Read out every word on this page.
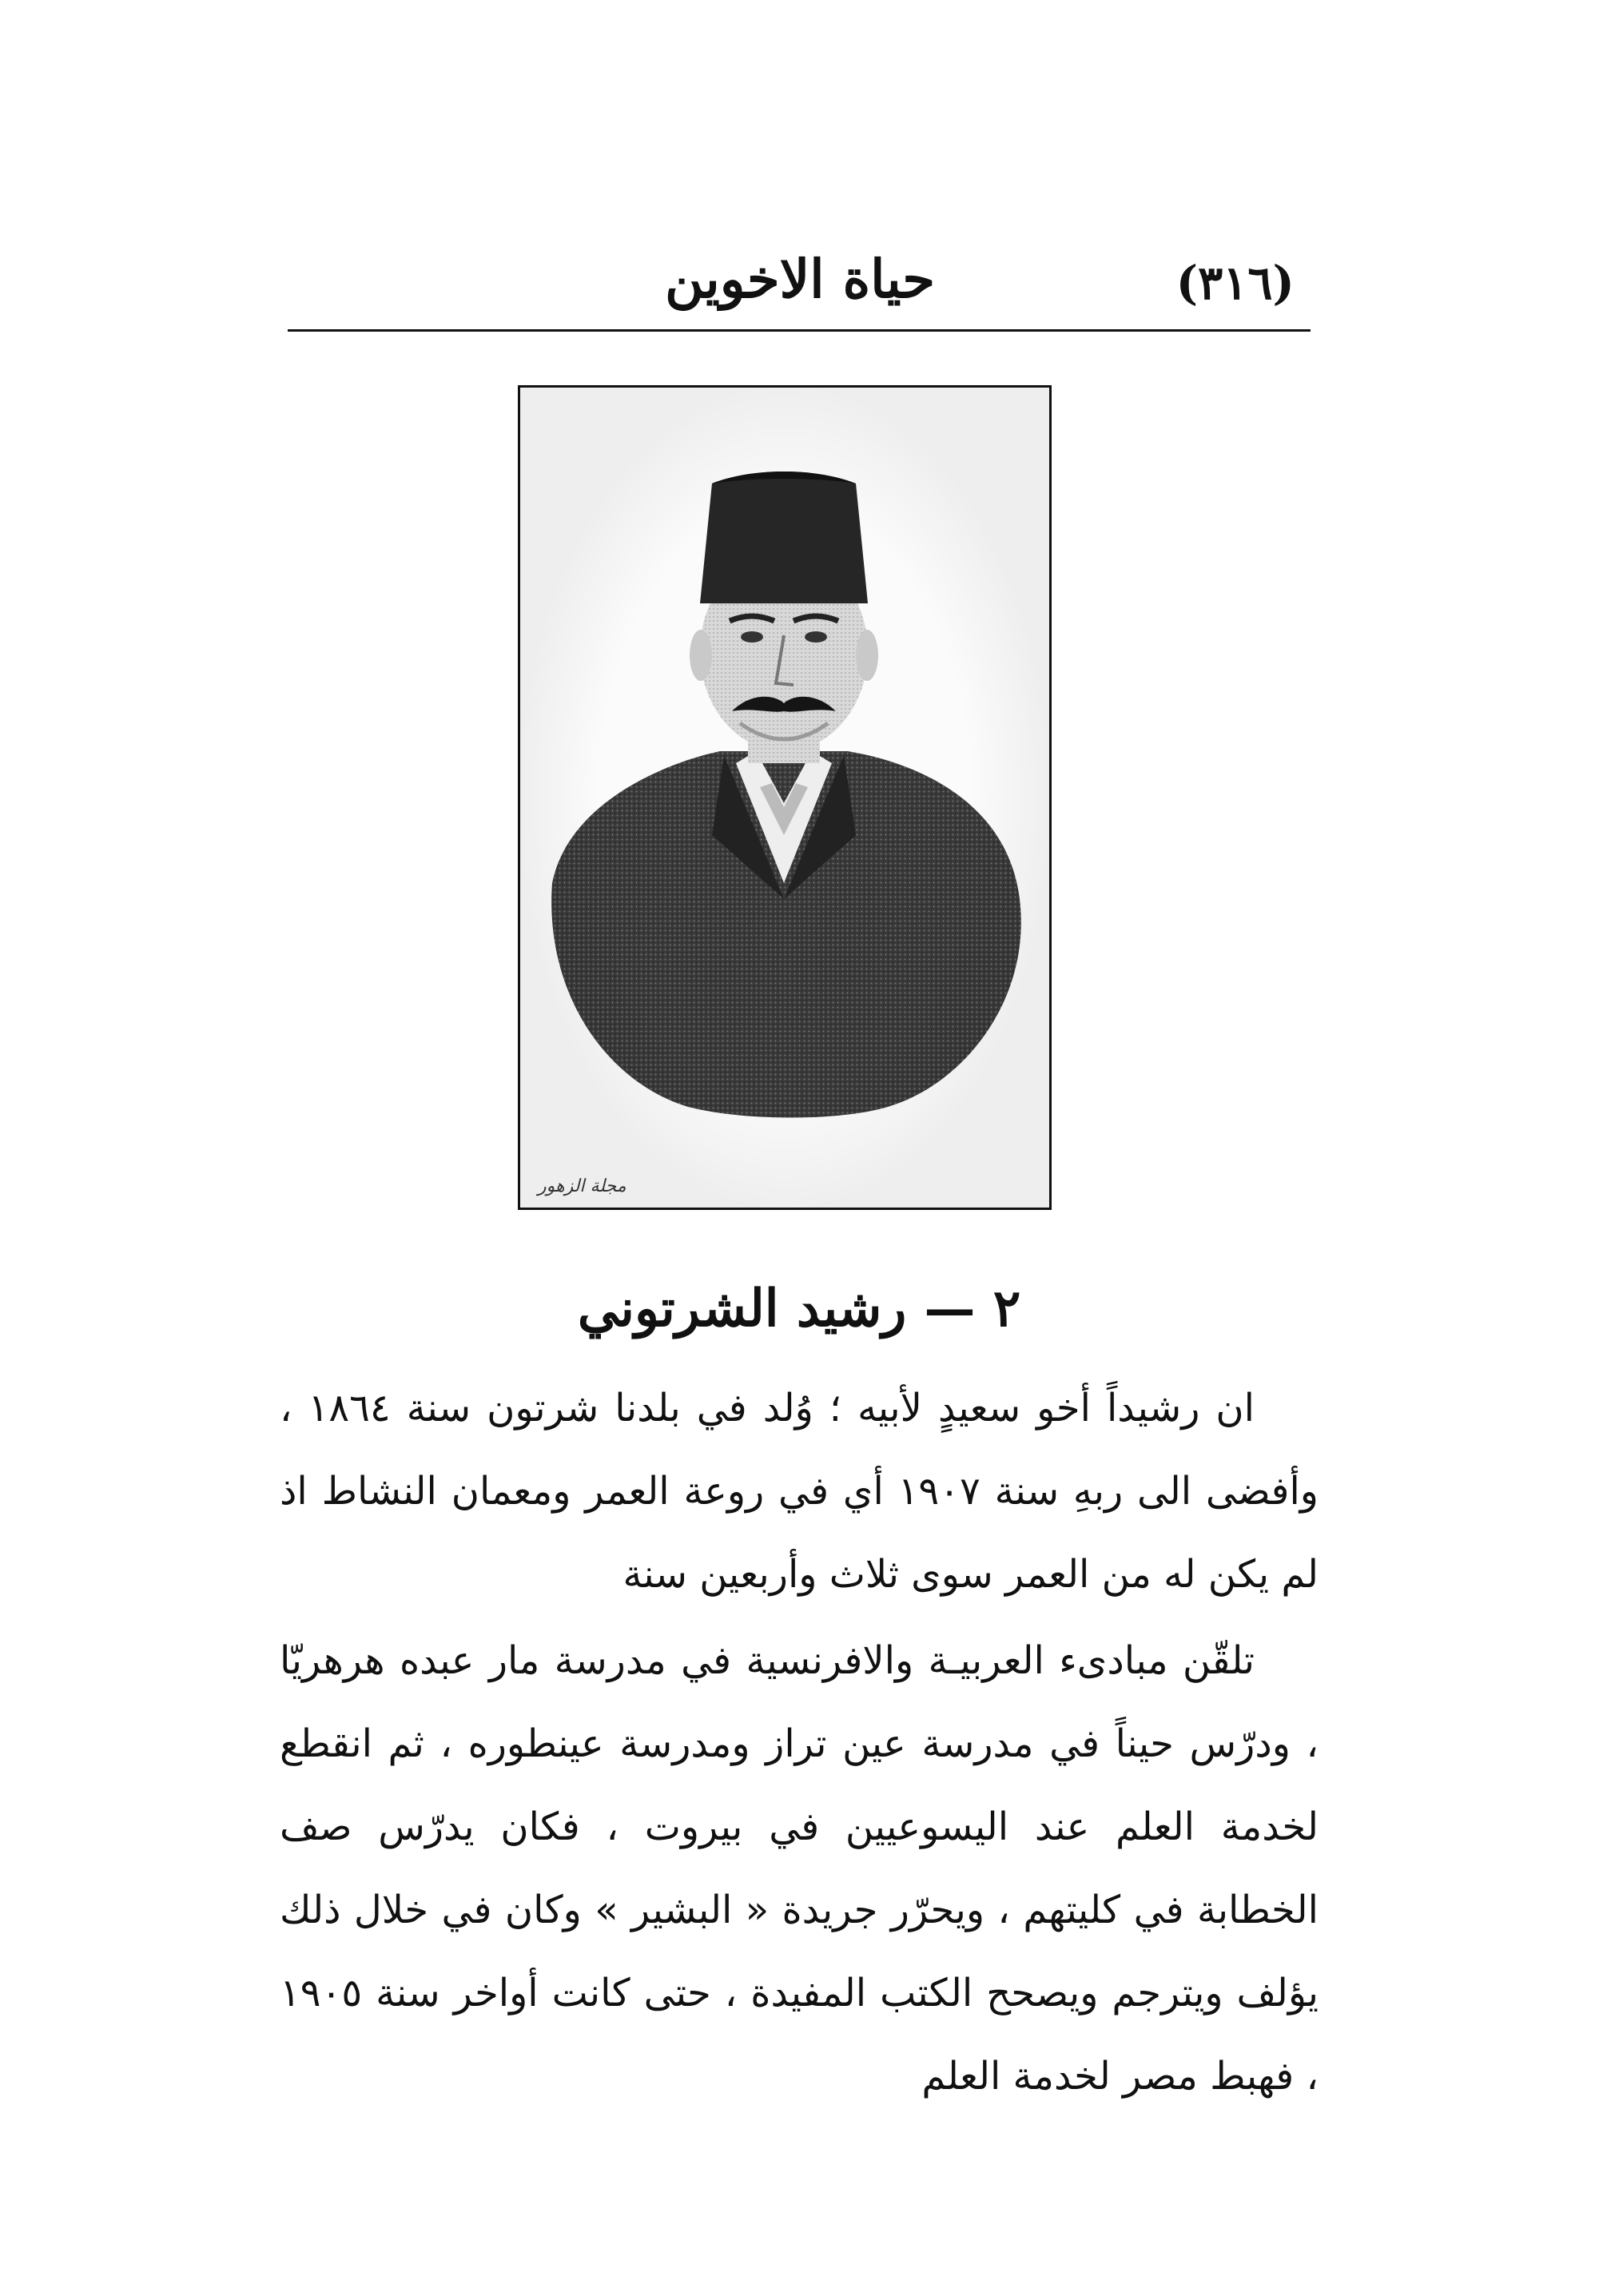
(٣١٦)
حياة الاخوين
مجلة الزهور
٢ — رشيد الشرتوني

ان رشيداً أخو سعيدٍ لأبيه ؛ وُلد في بلدنا شرتون سنة ١٨٦٤ ، وأفضى الى ربهِ سنة ١٩٠٧ أي في روعة العمر ومعمان النشاط اذ لم يكن له من العمر سوى ثلاث وأربعين سنة

تلقّن مبادىء العربيـة والافرنسية في مدرسة مار عبده هرهريّا ، ودرّس حيناً في مدرسة عين تراز ومدرسة عينطوره ، ثم انقطع لخدمة العلم عند اليسوعيين في بيروت ، فكان يدرّس صف الخطابة في كليتهم ، ويحرّر جريدة « البشير » وكان في خلال ذلك يؤلف ويترجم ويصحح الكتب المفيدة ، حتى كانت أواخر سنة ١٩٠٥ ، فهبط مصر لخدمة العلم
